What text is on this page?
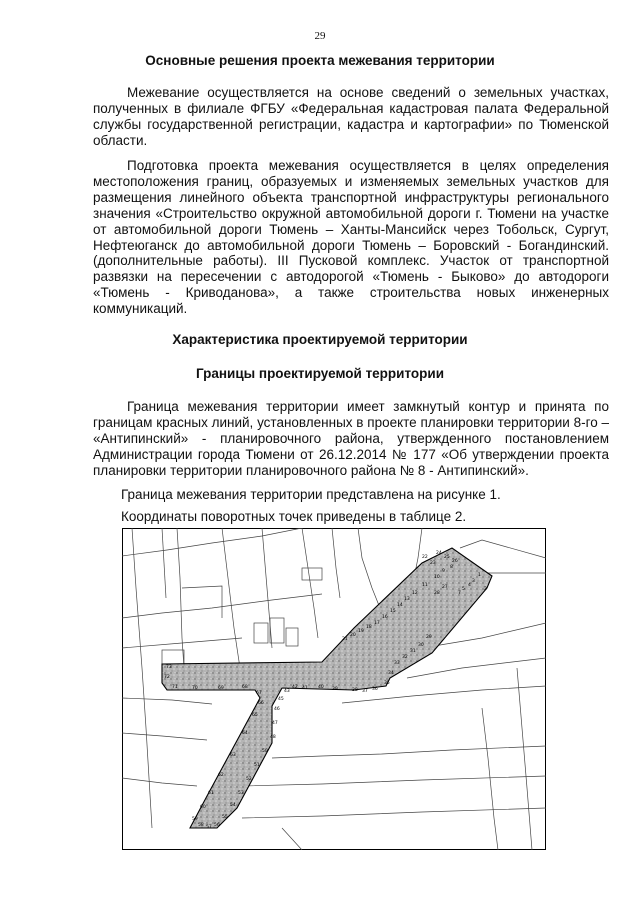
29
Основные решения проекта межевания территории

Межевание осуществляется на основе сведений о земельных участках, полученных в филиале ФГБУ «Федеральная кадастровая палата Федеральной службы государственной регистрации, кадастра и картографии» по Тюменской области.

Подготовка проекта межевания осуществляется в целях определения местоположения границ, образуемых и изменяемых земельных участков для размещения линейного объекта транспортной инфраструктуры регионального значения «Строительство окружной автомобильной дороги г. Тюмени на участке от автомобильной дороги Тюмень – Ханты-Мансийск через Тобольск, Сургут, Нефтеюганск до автомобильной дороги Тюмень – Боровский - Богандинский. (дополнительные работы). III Пусковой комплекс. Участок от транспортной развязки на пересечении с автодорогой «Тюмень - Быково» до автодороги «Тюмень - Криводанова», а также строительства новых инженерных коммуникаций.

Характеристика проектируемой территории
Границы проектируемой территории

Граница межевания территории имеет замкнутый контур и принята по границам красных линий, установленных в проекте планировки территории 8-го – «Антипинский» - планировочного района, утвержденного постановлением Администрации города Тюмени от 26.12.2014 № 177 «Об утверждении проекта планировки территории планировочного района № 8 - Антипинский».

Граница межевания территории представлена на рисунке 1.

Координаты поворотных точек приведены в таблице 2.

1
2
3
4
5
7
8
9
10
11
12
13
14
15
16
17
18
19
20
21
22
23
24
25
26
27
28
29
30
31
32
33
34
35
36
37
38
39
40
41
42
43
45
46
47
48
50
51
52
53
54
55
56
57
58
59
60
61
62
63
64
65
66
67
68
69
70
71
72
73
